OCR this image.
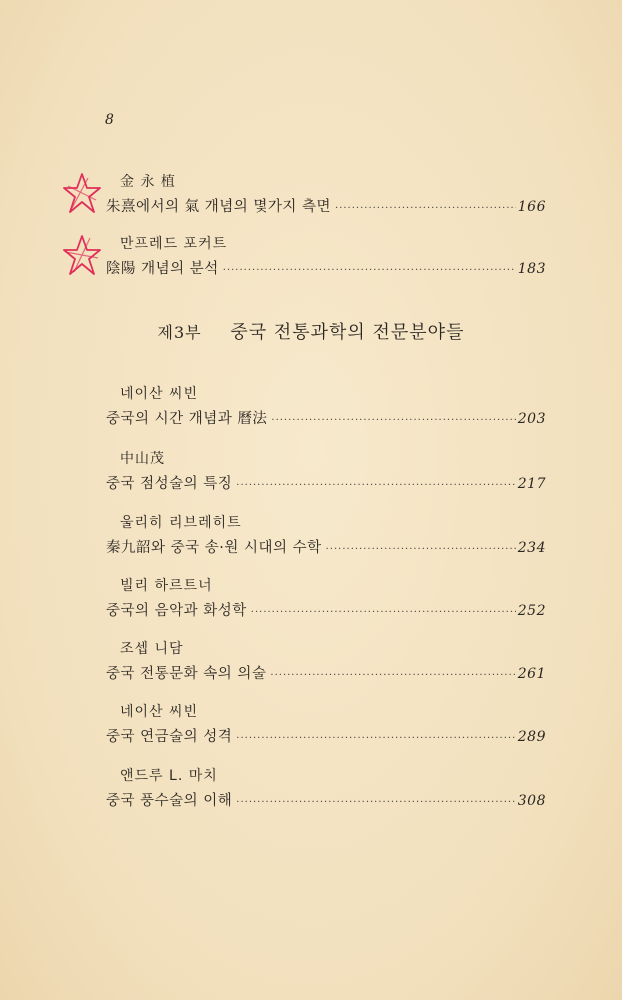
8
金 永 植
朱熹에서의 氣 개념의 몇가지 측면 ·····	166
만프레드 포커트
陰陽 개념의 분석 ·····	183
제3부 중국 전통과학의 전문분야들
네이산 씨빈
중국의 시간 개념과 曆法 ·····	203
中山茂
중국 점성술의 특징 ·····	217
울리히 리브레히트
秦九韶와 중국 송·원 시대의 수학 ·····	234
빌리 하르트너
중국의 음악과 화성학 ·····	252
조셉 니담
중국 전통문화 속의 의술 ·····	261
네이산 씨빈
중국 연금술의 성격 ·····	289
앤드루 L. 마치
중국 풍수술의 이해 ·····	308
